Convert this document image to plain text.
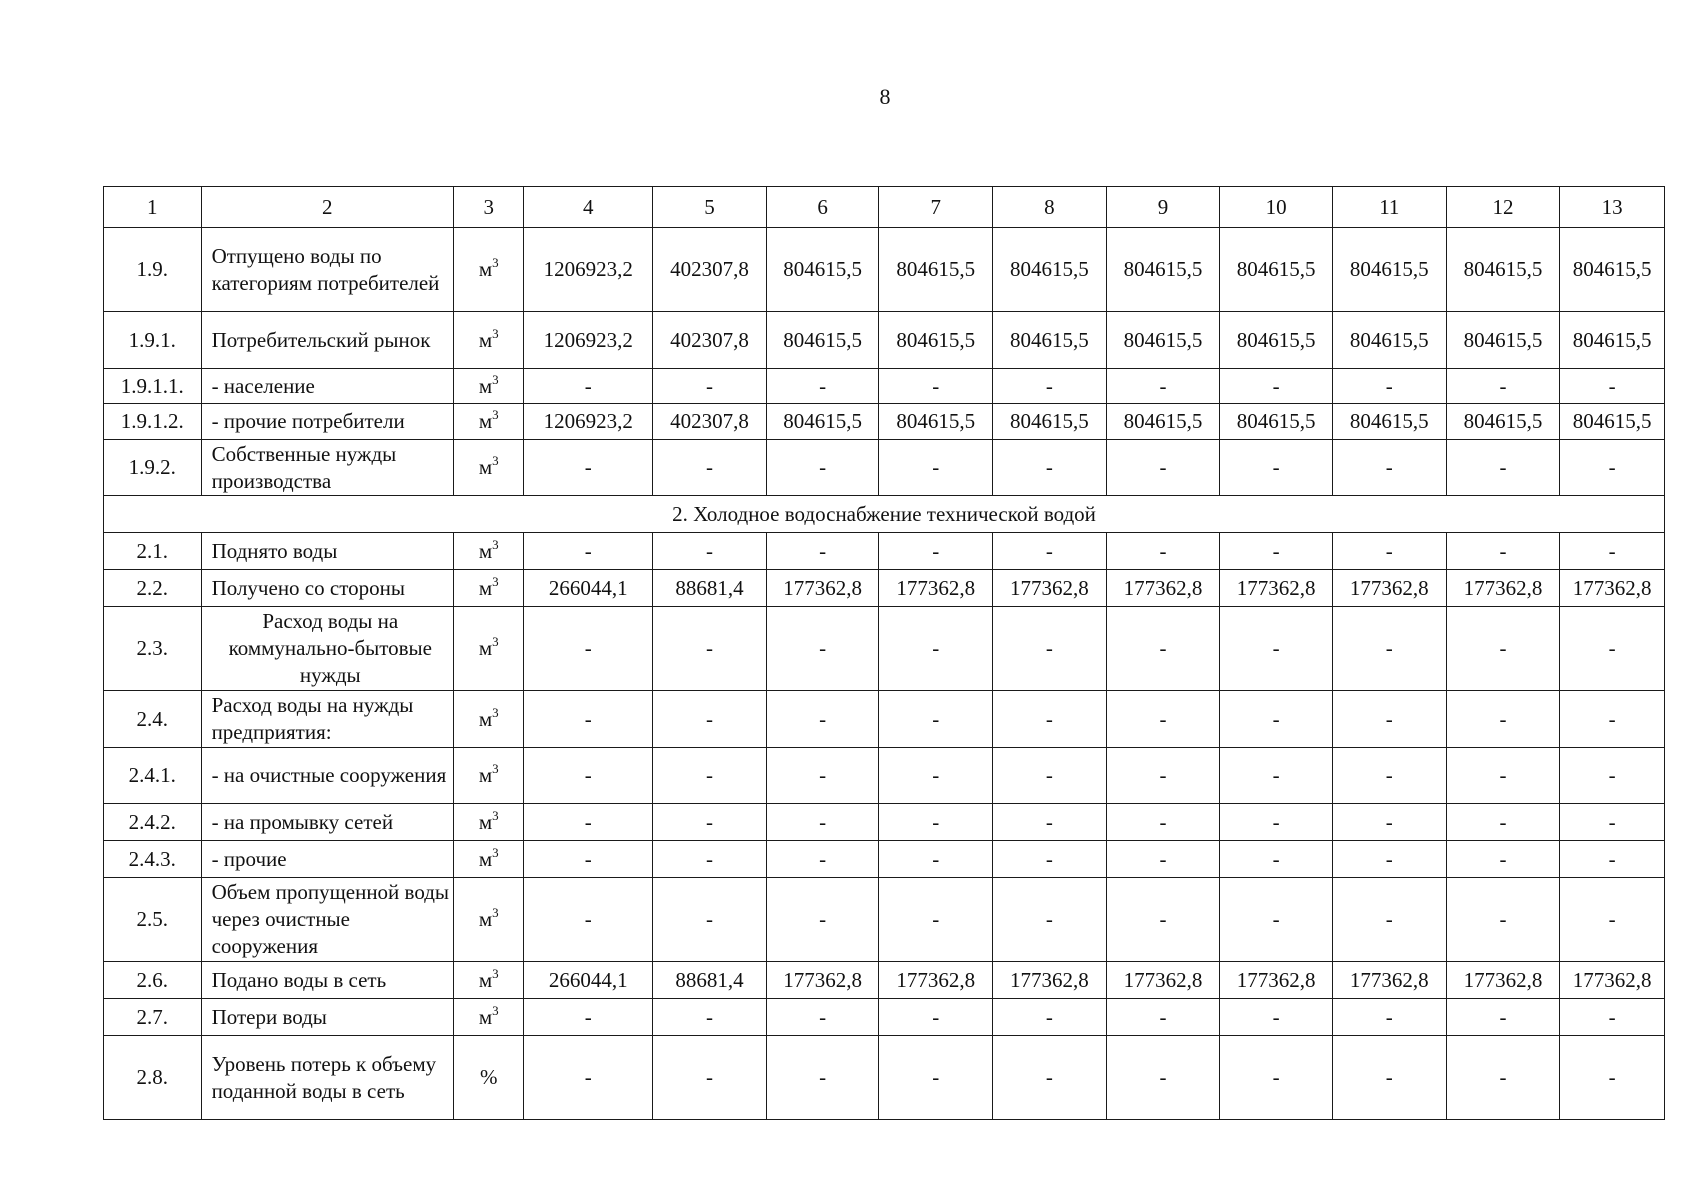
8
1	2	3	4	5	6	7	8	9	10	11	12	13
1.9.	Отпущено воды по категориям потребителей	$м^3$	1206923,2	402307,8	804615,5	804615,5	804615,5	804615,5	804615,5	804615,5	804615,5	804615,5
1.9.1.	Потребительский рынок	$м^3$	1206923,2	402307,8	804615,5	804615,5	804615,5	804615,5	804615,5	804615,5	804615,5	804615,5
1.9.1.1.	- население	$м^3$	-	-	-	-	-	-	-	-	-	-
1.9.1.2.	- прочие потребители	$м^3$	1206923,2	402307,8	804615,5	804615,5	804615,5	804615,5	804615,5	804615,5	804615,5	804615,5
1.9.2.	Собственные нужды производства	$м^3$	-	-	-	-	-	-	-	-	-	-
2. Холодное водоснабжение технической водой												
2.1.	Поднято воды	$м^3$	-	-	-	-	-	-	-	-	-	-
2.2.	Получено со стороны	$м^3$	266044,1	88681,4	177362,8	177362,8	177362,8	177362,8	177362,8	177362,8	177362,8	177362,8
2.3.	Расход воды на коммунально-бытовые нужды	$м^3$	-	-	-	-	-	-	-	-	-	-
2.4.	Расход воды на нужды предприятия:	$м^3$	-	-	-	-	-	-	-	-	-	-
2.4.1.	- на очистные сооружения	$м^3$	-	-	-	-	-	-	-	-	-	-
2.4.2.	- на промывку сетей	$м^3$	-	-	-	-	-	-	-	-	-	-
2.4.3.	- прочие	$м^3$	-	-	-	-	-	-	-	-	-	-
2.5.	Объем пропущенной воды через очистные сооружения	$м^3$	-	-	-	-	-	-	-	-	-	-
2.6.	Подано воды в сеть	$м^3$	266044,1	88681,4	177362,8	177362,8	177362,8	177362,8	177362,8	177362,8	177362,8	177362,8
2.7.	Потери воды	$м^3$	-	-	-	-	-	-	-	-	-	-
2.8.	Уровень потерь к объему поданной воды в сеть	%	-	-	-	-	-	-	-	-	-	-
